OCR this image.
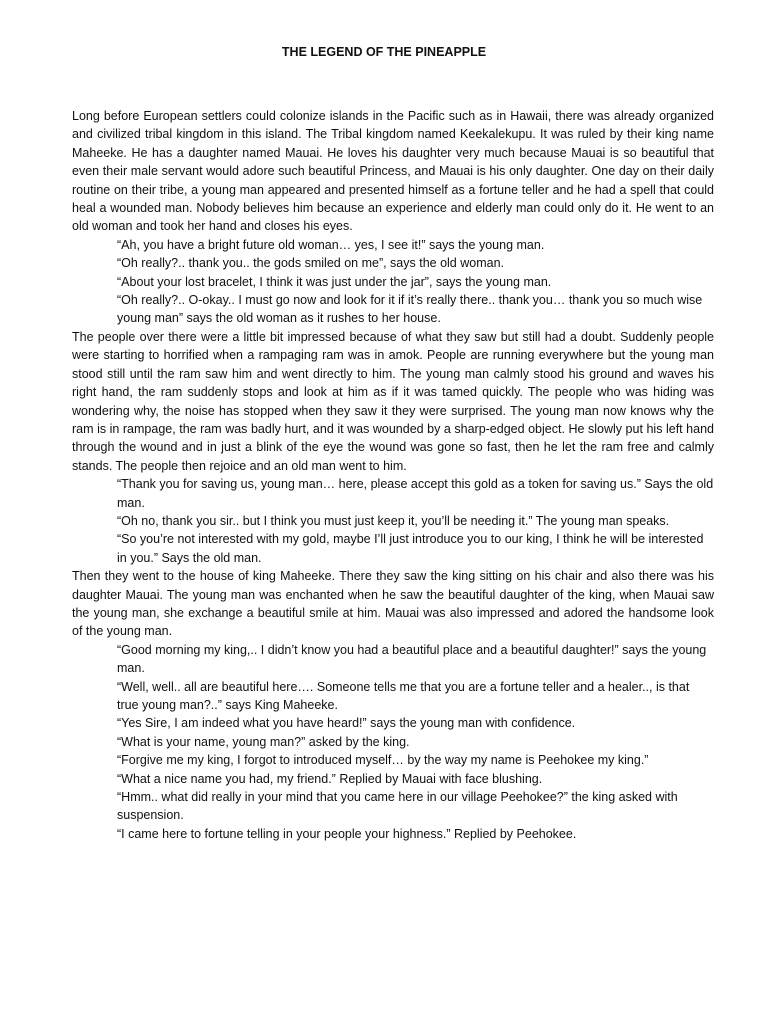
THE LEGEND OF THE PINEAPPLE

Long before European settlers could colonize islands in the Pacific such as in Hawaii, there was already organized and civilized tribal kingdom in this island. The Tribal kingdom named Keekalekupu. It was ruled by their king name Maheeke. He has a daughter named Mauai. He loves his daughter very much because Mauai is so beautiful that even their male servant would adore such beautiful Princess, and Mauai is his only daughter. One day on their daily routine on their tribe, a young man appeared and presented himself as a fortune teller and he had a spell that could heal a wounded man. Nobody believes him because an experience and elderly man could only do it. He went to an old woman and took her hand and closes his eyes.

“Ah, you have a bright future old woman… yes, I see it!” says the young man.

“Oh really?.. thank you.. the gods smiled on me”, says the old woman.

“About your lost bracelet, I think it was just under the jar”, says the young man.

“Oh really?.. O-okay.. I must go now and look for it if it’s really there.. thank you… thank you so much wise young man” says the old woman as it rushes to her house.

The people over there were a little bit impressed because of what they saw but still had a doubt. Suddenly people were starting to horrified when a rampaging ram was in amok. People are running everywhere but the young man stood still until the ram saw him and went directly to him. The young man calmly stood his ground and waves his right hand, the ram suddenly stops and look at him as if it was tamed quickly. The people who was hiding was wondering why, the noise has stopped when they saw it they were surprised. The young man now knows why the ram is in rampage, the ram was badly hurt, and it was wounded by a sharp-edged object. He slowly put his left hand through the wound and in just a blink of the eye the wound was gone so fast, then he let the ram free and calmly stands. The people then rejoice and an old man went to him.

“Thank you for saving us, young man… here, please accept this gold as a token for saving us.” Says the old man.

“Oh no, thank you sir.. but I think you must just keep it, you’ll be needing it.” The young man speaks.

“So you’re not interested with my gold, maybe I’ll just introduce you to our king, I think he will be interested in you.” Says the old man.

Then they went to the house of king Maheeke. There they saw the king sitting on his chair and also there was his daughter Mauai. The young man was enchanted when he saw the beautiful daughter of the king, when Mauai saw the young man, she exchange a beautiful smile at him. Mauai was also impressed and adored the handsome look of the young man.

“Good morning my king,.. I didn’t know you had a beautiful place and a beautiful daughter!” says the young man.

“Well, well.. all are beautiful here…. Someone tells me that you are a fortune teller and a healer.., is that true young man?..” says King Maheeke.

“Yes Sire, I am indeed what you have heard!” says the young man with confidence.

“What is your name, young man?” asked by the king.

“Forgive me my king, I forgot to introduced myself… by the way my name is Peehokee my king.”

“What a nice name you had, my friend.” Replied by Mauai with face blushing.

“Hmm.. what did really in your mind that you came here in our village Peehokee?” the king asked with suspension.

“I came here to fortune telling in your people your highness.” Replied by Peehokee.
